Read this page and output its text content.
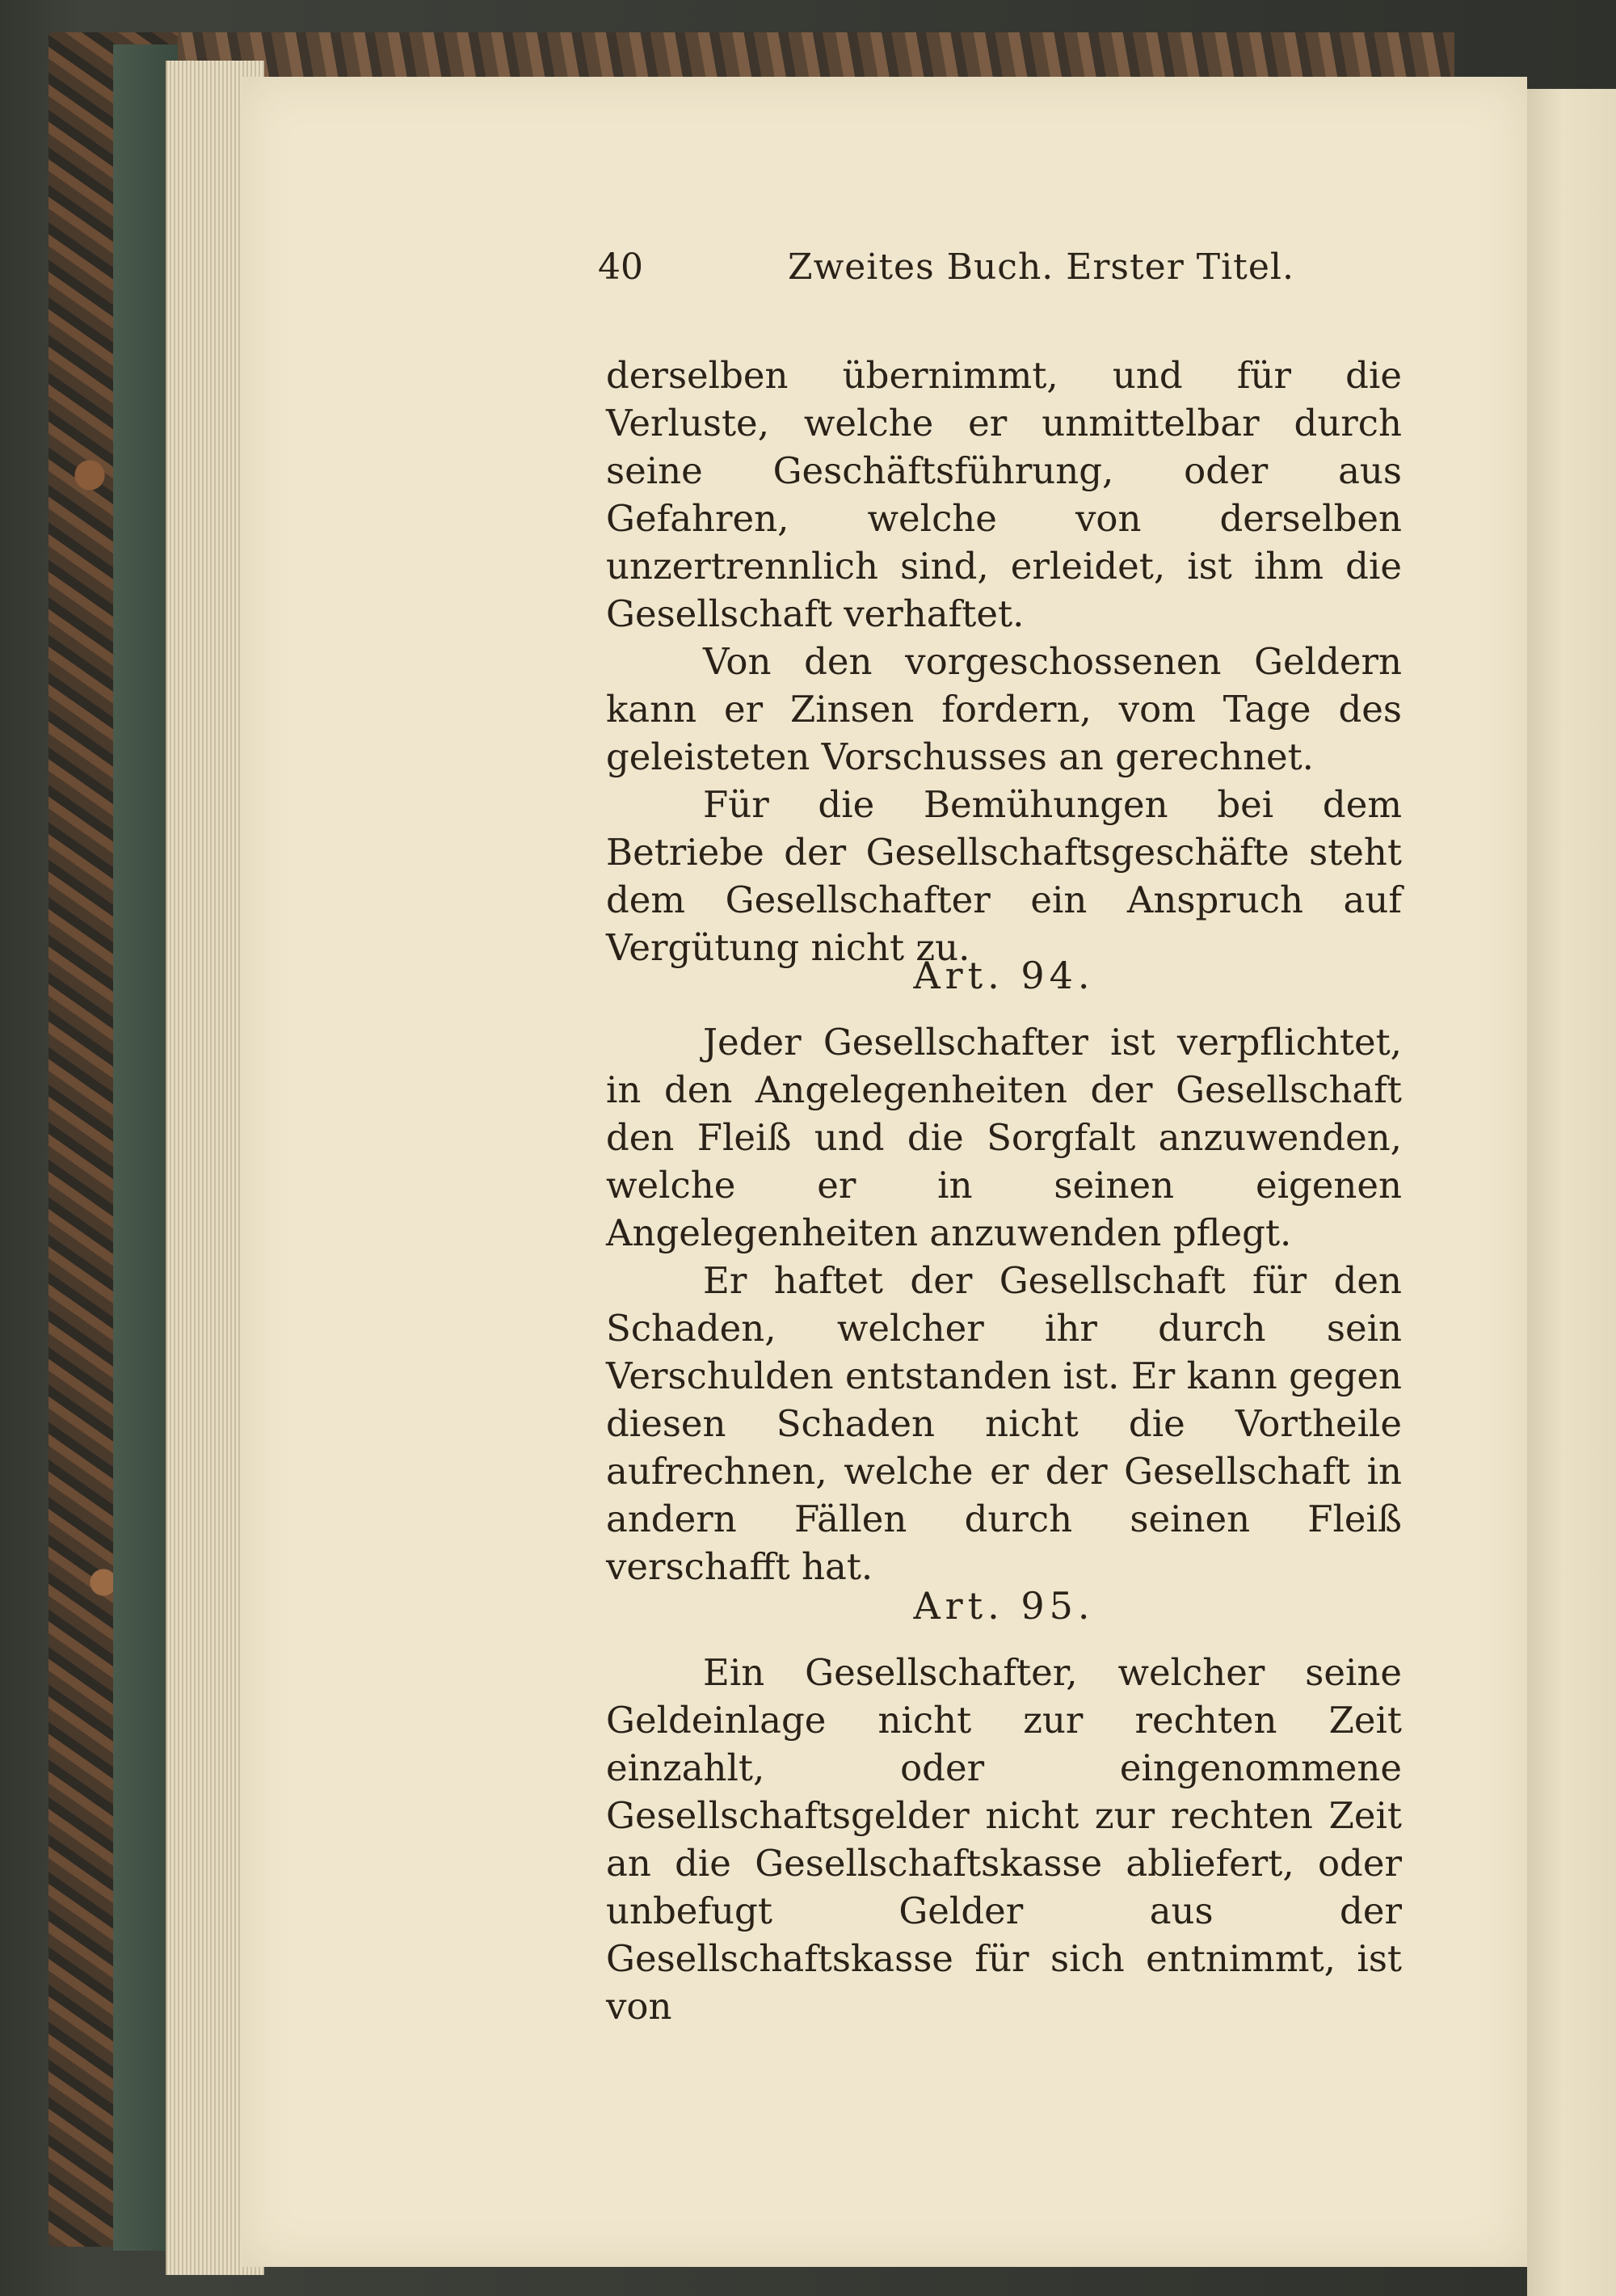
40	Zweites Buch. Erster Titel.

derselben übernimmt, und für die Verluste, welche er unmittelbar durch seine Geschäftsführung, oder aus Gefahren, welche von derselben unzertrennlich sind, erleidet, ist ihm die Gesellschaft verhaftet.

Von den vorgeschossenen Geldern kann er Zinsen fordern, vom Tage des geleisteten Vorschusses an gerechnet.

Für die Bemühungen bei dem Betriebe der Gesellschaftsgeschäfte steht dem Gesellschafter ein Anspruch auf Vergütung nicht zu.

Art. 94.

Jeder Gesellschafter ist verpflichtet, in den Angelegenheiten der Gesellschaft den Fleiß und die Sorgfalt anzuwenden, welche er in seinen eigenen Angelegenheiten anzuwenden pflegt.

Er haftet der Gesellschaft für den Schaden, welcher ihr durch sein Verschulden entstanden ist. Er kann gegen diesen Schaden nicht die Vortheile aufrechnen, welche er der Gesellschaft in andern Fällen durch seinen Fleiß verschafft hat.

Art. 95.

Ein Gesellschafter, welcher seine Geldeinlage nicht zur rechten Zeit einzahlt, oder eingenommene Gesellschaftsgelder nicht zur rechten Zeit an die Gesellschaftskasse abliefert, oder unbefugt Gelder aus der Gesellschaftskasse für sich entnimmt, ist von
